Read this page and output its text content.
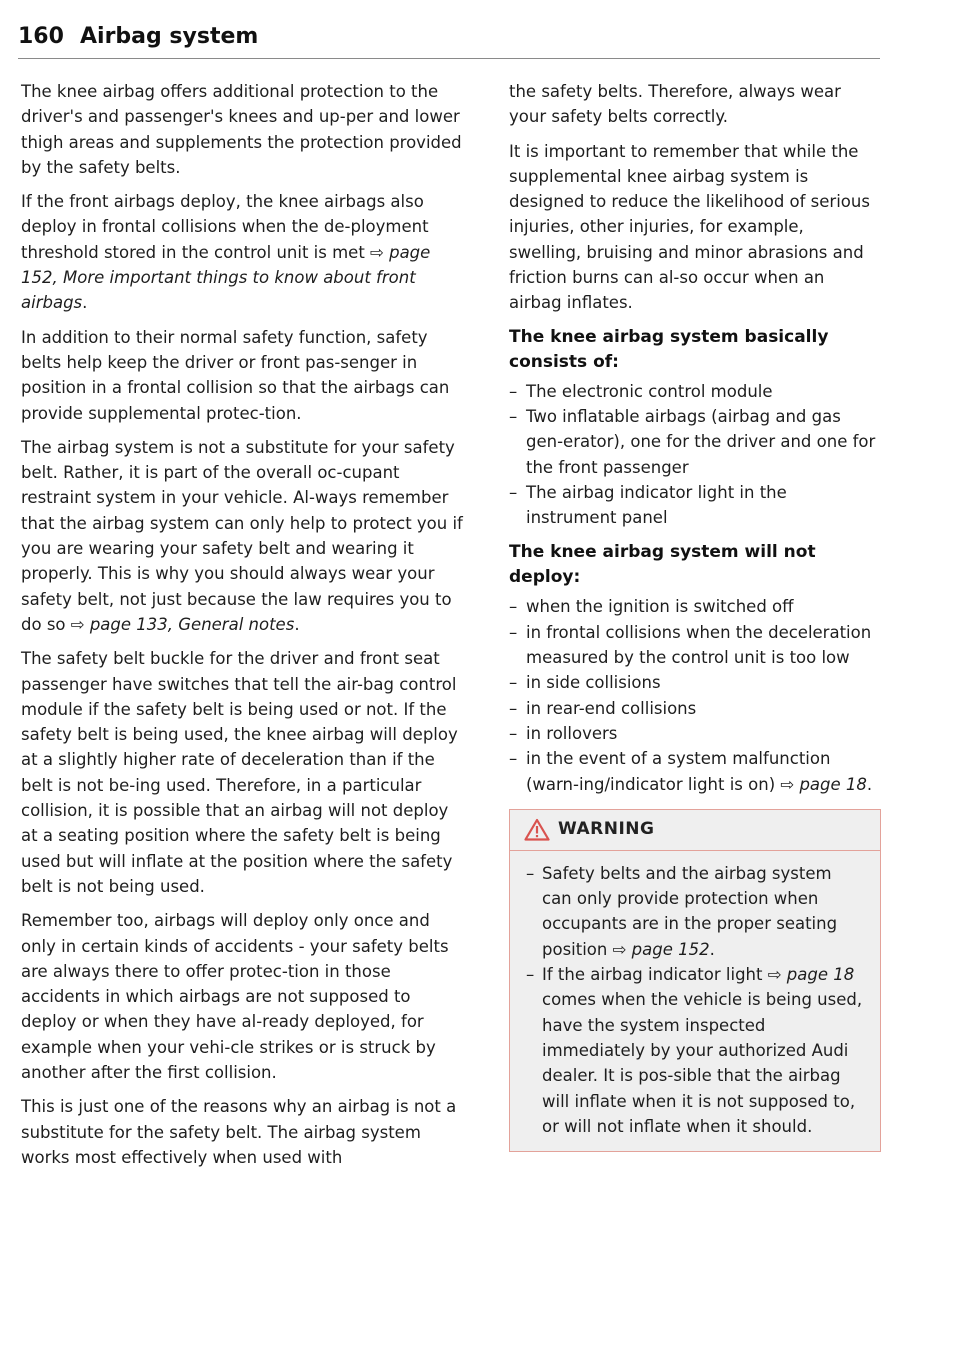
160 Airbag system

The knee airbag offers additional protection to the driver's and passenger's knees and up-per and lower thigh areas and supplements the protection provided by the safety belts.

If the front airbags deploy, the knee airbags also deploy in frontal collisions when the de-ployment threshold stored in the control unit is met ⇨ page 152, More important things to know about front airbags.

In addition to their normal safety function, safety belts help keep the driver or front pas-senger in position in a frontal collision so that the airbags can provide supplemental protec-tion.

The airbag system is not a substitute for your safety belt. Rather, it is part of the overall oc-cupant restraint system in your vehicle. Al-ways remember that the airbag system can only help to protect you if you are wearing your safety belt and wearing it properly. This is why you should always wear your safety belt, not just because the law requires you to do so ⇨ page 133, General notes.

The safety belt buckle for the driver and front seat passenger have switches that tell the air-bag control module if the safety belt is being used or not. If the safety belt is being used, the knee airbag will deploy at a slightly higher rate of deceleration than if the belt is not be-ing used. Therefore, in a particular collision, it is possible that an airbag will not deploy at a seating position where the safety belt is being used but will inflate at the position where the safety belt is not being used.

Remember too, airbags will deploy only once and only in certain kinds of accidents - your safety belts are always there to offer protec-tion in those accidents in which airbags are not supposed to deploy or when they have al-ready deployed, for example when your vehi-cle strikes or is struck by another after the first collision.

This is just one of the reasons why an airbag is not a substitute for the safety belt. The airbag system works most effectively when used with

the safety belts. Therefore, always wear your safety belts correctly.

It is important to remember that while the supplemental knee airbag system is designed to reduce the likelihood of serious injuries, other injuries, for example, swelling, bruising and minor abrasions and friction burns can al-so occur when an airbag inflates.

The knee airbag system basically consists of:
– The electronic control module
– Two inflatable airbags (airbag and gas gen-erator), one for the driver and one for the front passenger
– The airbag indicator light in the instrument panel
The knee airbag system will not deploy:
– when the ignition is switched off
– in frontal collisions when the deceleration measured by the control unit is too low
– in side collisions
– in rear-end collisions
– in rollovers
– in the event of a system malfunction (warn-ing/indicator light is on) ⇨ page 18.
WARNING
– Safety belts and the airbag system can only provide protection when occupants are in the proper seating position ⇨ page 152.
– If the airbag indicator light ⇨ page 18 comes when the vehicle is being used, have the system inspected immediately by your authorized Audi dealer. It is pos-sible that the airbag will inflate when it is not supposed to, or will not inflate when it should.
